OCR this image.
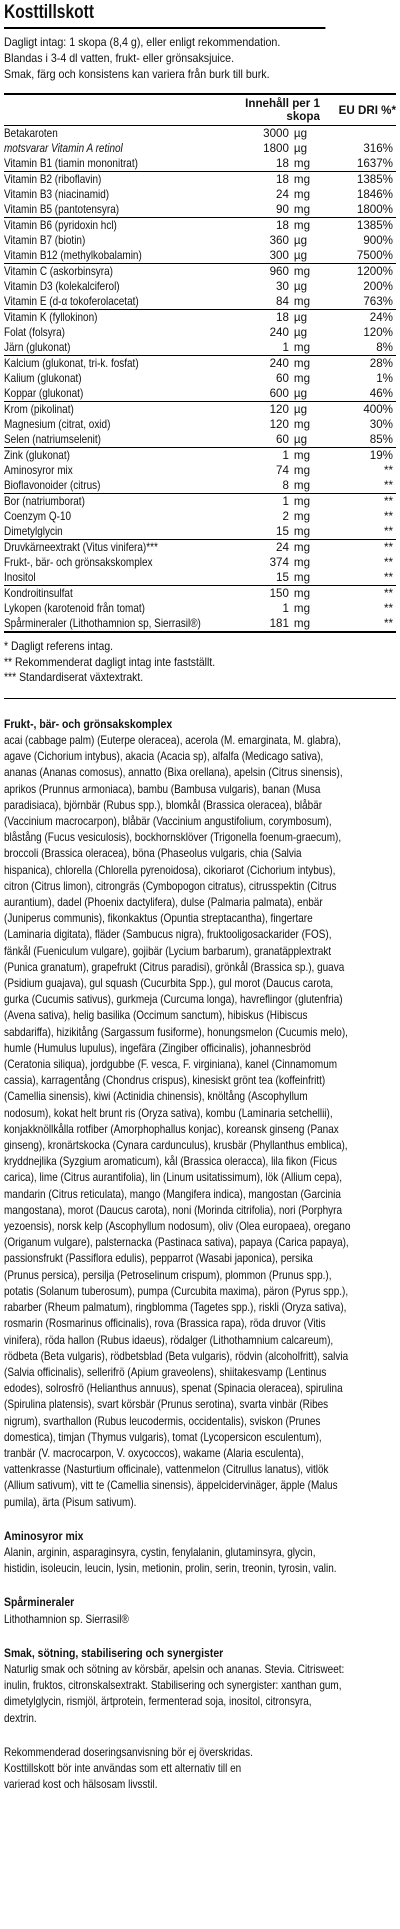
Kosttillskott
Dagligt intag: 1 skopa (8,4 g), eller enligt rekommendation.
Blandas i 3-4 dl vatten, frukt- eller grönsaksjuice.
Smak, färg och konsistens kan variera från burk till burk.
	Innehåll per 1 skopa		EU DRI %*
Betakaroten	3000	µg	
motsvarar Vitamin A retinol	1800	µg	316%
Vitamin B1 (tiamin mononitrat)	18	mg	1637%
Vitamin B2 (riboflavin)	18	mg	1385%
Vitamin B3 (niacinamid)	24	mg	1846%
Vitamin B5 (pantotensyra)	90	mg	1800%
Vitamin B6 (pyridoxin hcl)	18	mg	1385%
Vitamin B7 (biotin)	360	µg	900%
Vitamin B12 (methylkobalamin)	300	µg	7500%
Vitamin C (askorbinsyra)	960	mg	1200%
Vitamin D3 (kolekalciferol)	30	µg	200%
Vitamin E (d-α tokoferolacetat)	84	mg	763%
Vitamin K (fyllokinon)	18	µg	24%
Folat (folsyra)	240	µg	120%
Järn (glukonat)	1	mg	8%
Kalcium (glukonat, tri-k. fosfat)	240	mg	28%
Kalium (glukonat)	60	mg	1%
Koppar (glukonat)	600	µg	46%
Krom (pikolinat)	120	µg	400%
Magnesium (citrat, oxid)	120	mg	30%
Selen (natriumselenit)	60	µg	85%
Zink (glukonat)	1	mg	19%
Aminosyror mix	74	mg	**
Bioflavonoider (citrus)	8	mg	**
Bor (natriumborat)	1	mg	**
Coenzym Q-10	2	mg	**
Dimetylglycin	15	mg	**
Druvkärneextrakt (Vitus vinifera)***	24	mg	**
Frukt-, bär- och grönsakskomplex	374	mg	**
Inositol	15	mg	**
Kondroitinsulfat	150	mg	**
Lykopen (karotenoid från tomat)	1	mg	**
Spårmineraler (Lithothamnion sp, Sierrasil®)	181	mg	**
* Dagligt referens intag.
** Rekommenderat dagligt intag inte fastställt.
*** Standardiserat växtextrakt.
Frukt-, bär- och grönsakskomplex
acai (cabbage palm) (Euterpe oleracea), acerola (M. emarginata, M. glabra),
agave (Cichorium intybus), akacia (Acacia sp), alfalfa (Medicago sativa),
ananas (Ananas comosus), annatto (Bixa orellana), apelsin (Citrus sinensis),
aprikos (Prunnus armoniaca), bambu (Bambusa vulgaris), banan (Musa
paradisiaca), björnbär (Rubus spp.), blomkål (Brassica oleracea), blåbär
(Vaccinium macrocarpon), blåbär (Vaccinium angustifolium, corymbosum),
blåstång (Fucus vesiculosis), bockhornsklöver (Trigonella foenum-graecum),
broccoli (Brassica oleracea), böna (Phaseolus vulgaris, chia (Salvia
hispanica), chlorella (Chlorella pyrenoidosa), cikoriarot (Cichorium intybus),
citron (Citrus limon), citrongräs (Cymbopogon citratus), citrusspektin (Citrus
aurantium), dadel (Phoenix dactylifera), dulse (Palmaria palmata), enbär
(Juniperus communis), fikonkaktus (Opuntia streptacantha), fingertare
(Laminaria digitata), fläder (Sambucus nigra), fruktooligosackarider (FOS),
fänkål (Fueniculum vulgare), gojibär (Lycium barbarum), granatäpplextrakt
(Punica granatum), grapefrukt (Citrus paradisi), grönkål (Brassica sp.), guava
(Psidium guajava), gul squash (Cucurbita Spp.), gul morot (Daucus carota,
gurka (Cucumis sativus), gurkmeja (Curcuma longa), havreflingor (glutenfria)
(Avena sativa), helig basilika (Occimum sanctum), hibiskus (Hibiscus
sabdariffa), hizikitång (Sargassum fusiforme), honungsmelon (Cucumis melo),
humle (Humulus lupulus), ingefära (Zingiber officinalis), johannesbröd
(Ceratonia siliqua), jordgubbe (F. vesca, F. virginiana), kanel (Cinnamomum
cassia), karragentång (Chondrus crispus), kinesiskt grönt tea (koffeinfritt)
(Camellia sinensis), kiwi (Actinidia chinensis), knöltång (Ascophyllum
nodosum), kokat helt brunt ris (Oryza sativa), kombu (Laminaria setchellii),
konjakknöllkålla rotfiber (Amorphophallus konjac), koreansk ginseng (Panax
ginseng), kronärtskocka (Cynara cardunculus), krusbär (Phyllanthus emblica),
kryddnejlika (Syzgium aromaticum), kål (Brassica oleracca), lila fikon (Ficus
carica), lime (Citrus aurantifolia), lin (Linum usitatissimum), lök (Allium cepa),
mandarin (Citrus reticulata), mango (Mangifera indica), mangostan (Garcinia
mangostana), morot (Daucus carota), noni (Morinda citrifolia), nori (Porphyra
yezoensis), norsk kelp (Ascophyllum nodosum), oliv (Olea europaea), oregano
(Origanum vulgare), palsternacka (Pastinaca sativa), papaya (Carica papaya),
passionsfrukt (Passiflora edulis), pepparrot (Wasabi japonica), persika
(Prunus persica), persilja (Petroselinum crispum), plommon (Prunus spp.),
potatis (Solanum tuberosum), pumpa (Curcubita maxima), päron (Pyrus spp.),
rabarber (Rheum palmatum), ringblomma (Tagetes spp.), riskli (Oryza sativa),
rosmarin (Rosmarinus officinalis), rova (Brassica rapa), röda druvor (Vitis
vinifera), röda hallon (Rubus idaeus), rödalger (Lithothamnium calcareum),
rödbeta (Beta vulgaris), rödbetsblad (Beta vulgaris), rödvin (alcoholfritt), salvia
(Salvia officinalis), sellerifrö (Apium graveolens), shiitakesvamp (Lentinus
edodes), solrosfrö (Helianthus annuus), spenat (Spinacia oleracea), spirulina
(Spirulina platensis), svart körsbär (Prunus serotina), svarta vinbär (Ribes
nigrum), svarthallon (Rubus leucodermis, occidentalis), sviskon (Prunes
domestica), timjan (Thymus vulgaris), tomat (Lycopersicon esculentum),
tranbär (V. macrocarpon, V. oxycoccos), wakame (Alaria esculenta),
vattenkrasse (Nasturtium officinale), vattenmelon (Citrullus lanatus), vitlök
(Allium sativum), vitt te (Camellia sinensis), äppelcidervinäger, äpple (Malus
pumila), ärta (Pisum sativum).
Aminosyror mix
Alanin, arginin, asparaginsyra, cystin, fenylalanin, glutaminsyra, glycin,
histidin, isoleucin, leucin, lysin, metionin, prolin, serin, treonin, tyrosin, valin.
Spårmineraler
Lithothamnion sp. Sierrasil®
Smak, sötning, stabilisering och synergister
Naturlig smak och sötning av körsbär, apelsin och ananas. Stevia. Citrisweet:
inulin, fruktos, citronskalsextrakt. Stabilisering och synergister: xanthan gum,
dimetylglycin, rismjöl, ärtprotein, fermenterad soja, inositol, citronsyra,
dextrin.
Rekommenderad doseringsanvisning bör ej överskridas.
Kosttillskott bör inte användas som ett alternativ till en
varierad kost och hälsosam livsstil.
